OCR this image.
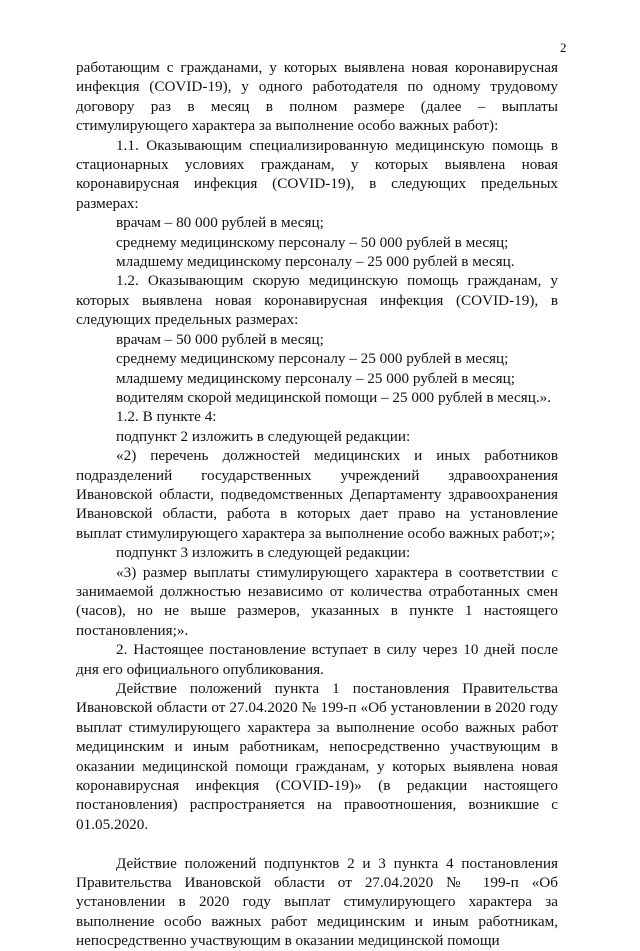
2

работающим с гражданами, у которых выявлена новая коронавирусная инфекция (COVID-19), у одного работодателя по одному трудовому договору раз в месяц в полном размере (далее – выплаты стимулирующего характера за выполнение особо важных работ):

1.1. Оказывающим специализированную медицинскую помощь в стационарных условиях гражданам, у которых выявлена новая коронавирусная инфекция (COVID-19), в следующих предельных размерах:

врачам – 80 000 рублей в месяц;

среднему медицинскому персоналу – 50 000 рублей в месяц;

младшему медицинскому персоналу – 25 000 рублей в месяц.

1.2. Оказывающим скорую медицинскую помощь гражданам, у которых выявлена новая коронавирусная инфекция (COVID-19), в следующих предельных размерах:

врачам – 50 000 рублей в месяц;

среднему медицинскому персоналу – 25 000 рублей в месяц;

младшему медицинскому персоналу – 25 000 рублей в месяц;

водителям скорой медицинской помощи – 25 000 рублей в месяц.».

1.2. В пункте 4:

подпункт 2 изложить в следующей редакции:

«2) перечень должностей медицинских и иных работников подразделений государственных учреждений здравоохранения Ивановской области, подведомственных Департаменту здравоохранения Ивановской области, работа в которых дает право на установление выплат стимулирующего характера за выполнение особо важных работ;»;

подпункт 3 изложить в следующей редакции:

«3) размер выплаты стимулирующего характера в соответствии с занимаемой должностью независимо от количества отработанных смен (часов), но не выше размеров, указанных в пункте 1 настоящего постановления;».

2. Настоящее постановление вступает в силу через 10 дней после дня его официального опубликования.

Действие положений пункта 1 постановления Правительства Ивановской области от 27.04.2020 № 199-п «Об установлении в 2020 году выплат стимулирующего характера за выполнение особо важных работ медицинским и иным работникам, непосредственно участвующим в оказании медицинской помощи гражданам, у которых выявлена новая коронавирусная инфекция (COVID-19)» (в редакции настоящего постановления) распространяется на правоотношения, возникшие с 01.05.2020.

Действие положений подпунктов 2 и 3 пункта 4 постановления Правительства Ивановской области от 27.04.2020 № 199-п «Об установлении в 2020 году выплат стимулирующего характера за выполнение особо важных работ медицинским и иным работникам, непосредственно участвующим в оказании медицинской помощи
